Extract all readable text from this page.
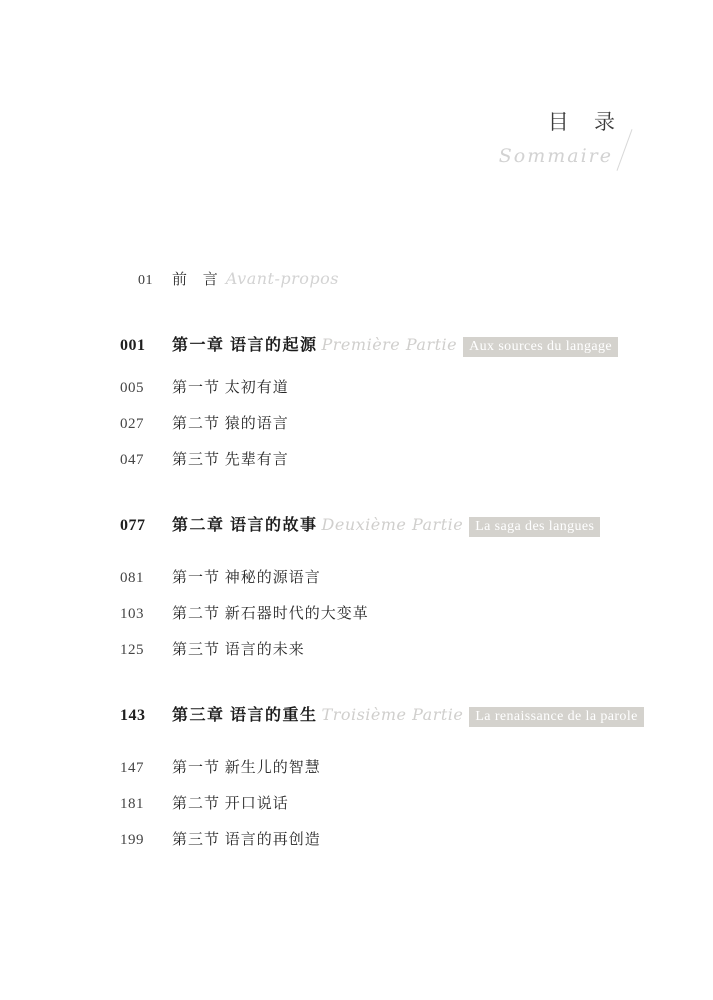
目 录
Sommaire
01	前 言 Avant-propos
001	第一章 语言的起源 Première Partie Aux sources du langage
005	第一节 太初有道
027	第二节 猿的语言
047	第三节 先辈有言
077	第二章 语言的故事 Deuxième Partie La saga des langues
081	第一节 神秘的源语言
103	第二节 新石器时代的大变革
125	第三节 语言的未来
143	第三章 语言的重生 Troisième Partie La renaissance de la parole
147	第一节 新生儿的智慧
181	第二节 开口说话
199	第三节 语言的再创造
